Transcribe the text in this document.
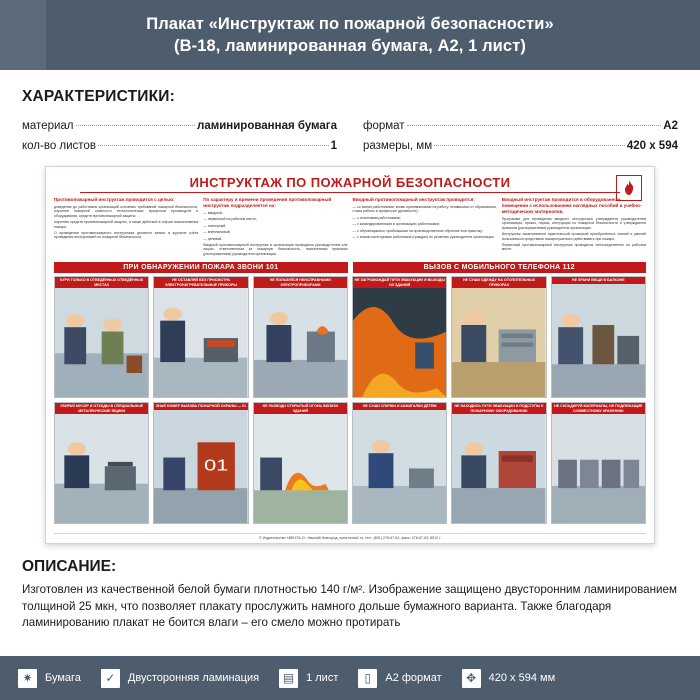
Плакат «Инструктаж по пожарной безопасности»
(В-18, ламинированная бумага, А2, 1 лист)
ХАРАКТЕРИСТИКИ:
материал	ламинированная бумага формат	А2
кол-во листов	1 размеры, мм	420 x 594
ИНСТРУКТАЖ ПО ПОЖАРНОЙ БЕЗОПАСНОСТИ
Противопожарный инструктаж проводится с целью:
доведения до работников организаций основных требований пожарной безопасности, изучения пожарной опасности технологических процессов производств и оборудования, средств противопожарной защиты;
изучения средств противопожарной защиты, а также действий в случае возникновения пожара.
О проведении противопожарного инструктажа делается запись в журнале учёта проведения инструктажей по пожарной безопасности.
По характеру и времени проведения противопожарный инструктаж подразделяется на:
— вводный;
— первичный на рабочем месте;
— повторный;
— внеплановый;
— целевой.
Вводный противопожарный инструктаж в организации проводится руководителем или лицом, ответственным за пожарную безопасность, назначенным приказом (распоряжением) руководителя организации.
Вводный противопожарный инструктаж проводится:
— со всеми работниками, вновь принимаемыми на работу, независимо от образования, стажа работы в профессии (должности);
— с сезонными работниками;
— с командированными в организацию работниками;
— с обучающимися, прибывшими на производственное обучение или практику;
— с иными категориями работников (граждан) по решению руководителя организации.
Вводный инструктаж проводится в оборудованном помещении с использованием наглядных пособий и учебно-методических материалов.
Программа для проведения вводного инструктажа утверждается руководителем организации, приказ, нормы, инструкции по пожарной безопасности и утверждается приказом (распоряжением) руководителя организации.
Инструктаж заканчивается практической проверкой приобретённых знаний и умений пользоваться средствами пожаротушения и действовать при пожаре.
Первичный противопожарный инструктаж проводится непосредственно на рабочем месте.
ПРИ ОБНАРУЖЕНИИ ПОЖАРА ЗВОНИ 101	ВЫЗОВ С МОБИЛЬНОГО ТЕЛЕФОНА 112
КУРИ ТОЛЬКО В ОТВЕДЁННЫХ ОТВЕДЁННЫХ МЕСТАХ
НЕ ОСТАВЛЯЙ БЕЗ ПРИСМОТРА ЭЛЕКТРОНАГРЕВАТЕЛЬНЫЕ ПРИБОРЫ
НЕ ПОЛЬЗУЙСЯ НЕИСПРАВНЫМИ ЭЛЕКТРОПРИБОРАМИ
НЕ ЗАГРОМОЖДАЙ ПУТИ ЭВАКУАЦИИ И ВЫХОДЫ ИЗ ЗДАНИЙ
НЕ СУШИ ОДЕЖДУ НА ОТОПИТЕЛЬНЫХ ПРИБОРАХ
НЕ ХРАНИ ВЕЩИ В БАЛКОНЕ
УБИРАЙ МУСОР И ОТХОДЫ В СПЕЦИАЛЬНЫЕ МЕТАЛЛИЧЕСКИЕ ЯЩИКИ
01
ЗНАЙ НОМЕР ВЫЗОВА ПОЖАРНОЙ ОХРАНЫ — 01	НЕ РАЗВОДИ ОТКРЫТЫЙ ОГОНЬ ВБЛИЗИ ЗДАНИЙ
НЕ СУШИ СПИЧКИ И ЗАЖИГАЛКИ ДЕТЯМ	НЕ НАХОДИСЬ ПУТИ ЭВАКУАЦИИ И ПОДСТУПЫ К ПОЖАРНОМУ ОБОРУДОВАНИЮ
НЕ СКЛАДИРУЙ МАТЕРИАЛЫ, НЕ ПОДЛЕЖАЩИЕ СОВМЕСТНОМУ ХРАНЕНИЮ
© Издательство «ВЕНТА-2», Нижний Новгород, www.venta2.ru, тел.: (831) 278-67-62, факс: 278-67-63, 8512 г.
ОПИСАНИЕ:

Изготовлен из качественной белой бумаги плотностью 140 г/м². Изображение защищено двусторонним ламинированием толщиной 25 мкн, что позволяет плакату прослужить намного дольше бумажного варианта. Также благодаря ламинированию плакат не боится влаги – его смело можно протирать

✷	Бумага	✓	Двусторонняя ламинация	▤	1 лист	▯	А2 формат	✥	420 х 594 мм
